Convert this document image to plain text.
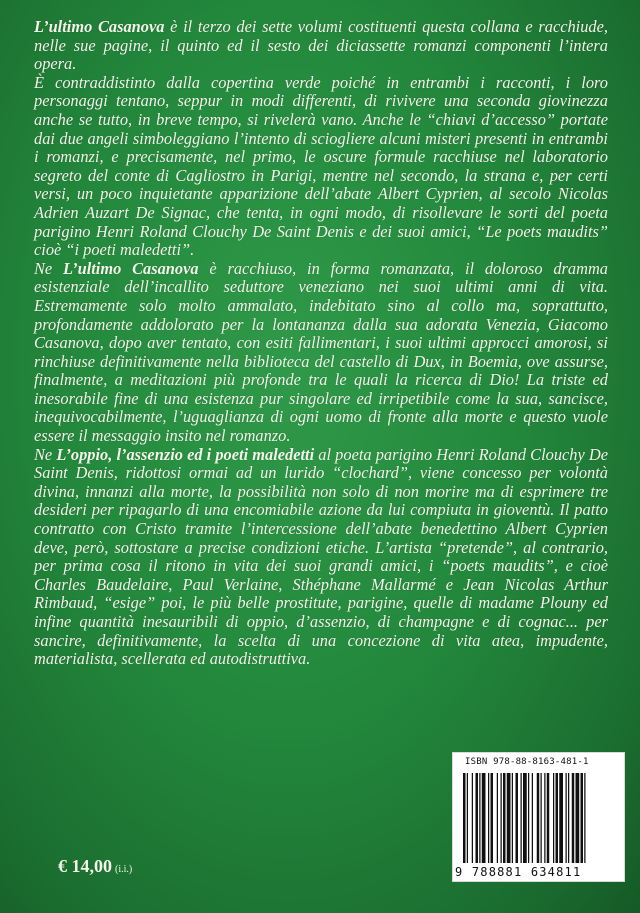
L’ultimo Casanova è il terzo dei sette volumi costituenti questa collana e racchiude, nelle sue pagine, il quinto ed il sesto dei diciassette romanzi componenti l’intera opera.

È contraddistinto dalla copertina verde poiché in entrambi i racconti, i loro personaggi tentano, seppur in modi differenti, di rivivere una seconda giovinezza anche se tutto, in breve tempo, si rivelerà vano. Anche le “chiavi d’accesso” portate dai due angeli simboleggiano l’intento di sciogliere alcuni misteri presenti in entrambi i romanzi, e precisamente, nel primo, le oscure formule racchiuse nel laboratorio segreto del conte di Cagliostro in Parigi, mentre nel secondo, la strana e, per certi versi, un poco inquietante apparizione dell’abate Albert Cyprien, al secolo Nicolas Adrien Auzart De Signac, che tenta, in ogni modo, di risollevare le sorti del poeta parigino Henri Roland Clouchy De Saint Denis e dei suoi amici, “Le poets maudits” cioè “i poeti maledetti”.

Ne L’ultimo Casanova è racchiuso, in forma romanzata, il doloroso dramma esistenziale dell’incallito seduttore veneziano nei suoi ultimi anni di vita. Estremamente solo molto ammalato, indebitato sino al collo ma, soprattutto, profondamente addolorato per la lontananza dalla sua adorata Venezia, Giacomo Casanova, dopo aver tentato, con esiti fallimentari, i suoi ultimi approcci amorosi, si rinchiuse definitivamente nella biblioteca del castello di Dux, in Boemia, ove assurse, finalmente, a meditazioni più profonde tra le quali la ricerca di Dio! La triste ed inesorabile fine di una esistenza pur singolare ed irripetibile come la sua, sancisce, inequivocabilmente, l’uguaglianza di ogni uomo di fronte alla morte e questo vuole essere il messaggio insito nel romanzo.

Ne L’oppio, l’assenzio ed i poeti maledetti al poeta parigino Henri Roland Clouchy De Saint Denis, ridottosi ormai ad un lurido “clochard”, viene concesso per volontà divina, innanzi alla morte, la possibilità non solo di non morire ma di esprimere tre desideri per ripagarlo di una encomiabile azione da lui compiuta in gioventù. Il patto contratto con Cristo tramite l’intercessione dell’abate benedettino Albert Cyprien deve, però, sottostare a precise condizioni etiche. L’artista “pretende”, al contrario, per prima cosa il ritono in vita dei suoi grandi amici, i “poets maudits”, e cioè Charles Baudelaire, Paul Verlaine, Sthéphane Mallarmé e Jean Nicolas Arthur Rimbaud, “esige” poi, le più belle prostitute, parigine, quelle di madame Plouny ed infine quantità inesauribili di oppio, d’assenzio, di champagne e di cognac... per sancire, definitivamente, la scelta di una concezione di vita atea, impudente, materialista, scellerata ed autodistruttiva.

ISBN 978-88-8163-481-1
9 788881 634811
€ 14,00 (i.i.)
